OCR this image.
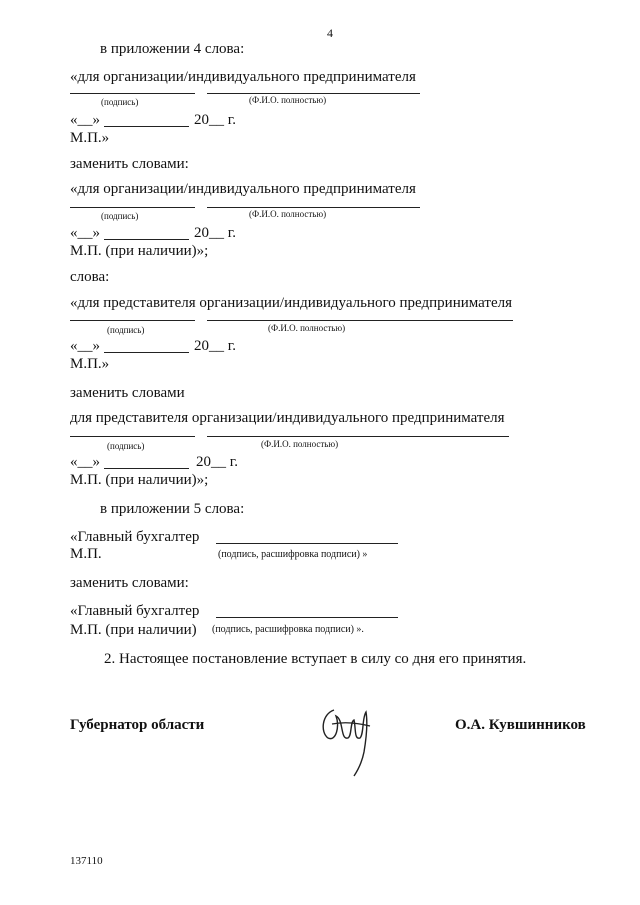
4
в приложении 4 слова:
«для организации/индивидуального предпринимателя
(подпись)	(Ф.И.О. полностью)
«__»	20__ г.
М.П.»
заменить словами:
«для организации/индивидуального предпринимателя
(подпись)	(Ф.И.О. полностью)
«__»	20__ г.
М.П. (при наличии)»;
слова:
«для представителя организации/индивидуального предпринимателя
(подпись)	(Ф.И.О. полностью)
«__»	20__ г.
М.П.»
заменить словами
для представителя организации/индивидуального предпринимателя
(подпись)	(Ф.И.О. полностью)
«__»	20__ г.
М.П. (при наличии)»;
в приложении 5 слова:
«Главный бухгалтер
М.П.	(подпись, расшифровка подписи) »
заменить словами:
«Главный бухгалтер
М.П. (при наличии) (подпись, расшифровка подписи) ».
2. Настоящее постановление вступает в силу со дня его принятия.
Губернатор области	О.А. Кувшинников
137110
